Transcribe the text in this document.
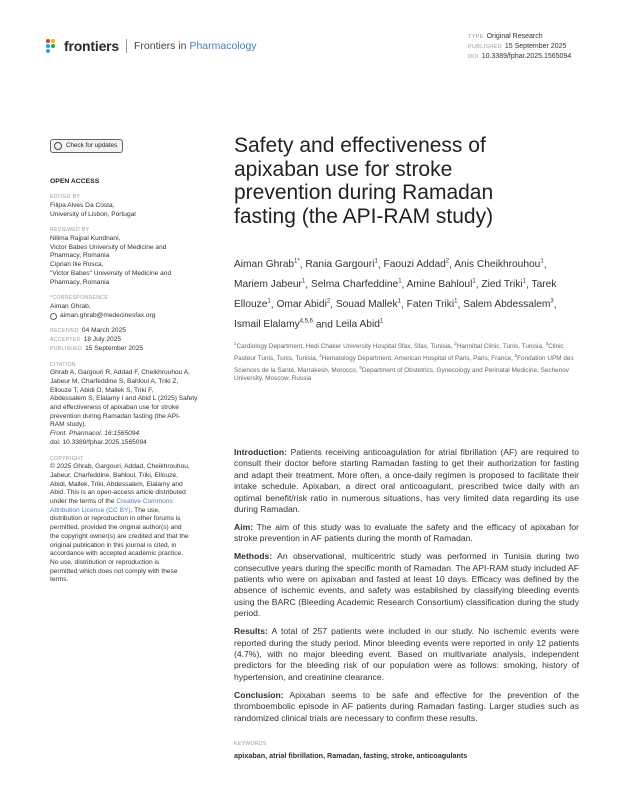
frontiers Frontiers in Pharmacology
TYPE Original Research
PUBLISHED 15 September 2025
DOI 10.3389/fphar.2025.1565094
Check for updates
OPEN ACCESS
EDITED BY
Filipa Alves Da Costa,
University of Lisbon, Portugal
REVIEWED BY
Nilima Rajpal Kundnani,
Victor Babes University of Medicine and
Pharmacy, Romania
Ciprian Ilie Rosca,
"Victor Babes" University of Medicine and
Pharmacy, Romania
*CORRESPONDENCE
Aiman Ghrab,
aiman.ghrab@medecinesfax.org
RECEIVED 04 March 2025
ACCEPTED 18 July 2025
PUBLISHED 15 September 2025
CITATION
Ghrab A, Gargouri R, Addad F, Cheikhrouhou A,
Jabeur M, Charfeddine S, Bahloul A, Triki Z,
Ellouze T, Abidi O, Mallek S, Triki F,
Abdessalem S, Elalamy I and Abid L (2025) Safety
and effectiveness of apixaban use for stroke
prevention during Ramadan fasting (the API-
RAM study).
Front. Pharmacol. 16:1565094.
doi: 10.3389/fphar.2025.1565094
COPYRIGHT
© 2025 Ghrab, Gargouri, Addad, Cheikhrouhou,
Jabeur, Charfeddine, Bahloul, Triki, Ellouze,
Abidi, Mallek, Triki, Abdessalem, Elalamy and
Abid. This is an open-access article distributed
under the terms of the Creative Commons
Attribution License (CC BY). The use,
distribution or reproduction in other forums is
permitted, provided the original author(s) and
the copyright owner(s) are credited and that the
original publication in this journal is cited, in
accordance with accepted academic practice.
No use, distribution or reproduction is
permitted which does not comply with these
terms.
Safety and effectiveness of
apixaban use for stroke
prevention during Ramadan
fasting (the API-RAM study)
Aiman Ghrab$^{1*}$, Rania Gargouri$^1$, Faouzi Addad$^2$, Anis Cheikhrouhou$^1$, Mariem Jabeur$^1$, Selma Charfeddine$^1$, Amine Bahloul$^1$, Zied Triki$^1$, Tarek Ellouze$^1$, Omar Abidi$^2$, Souad Mallek$^1$, Faten Triki$^1$, Salem Abdessalem$^3$, Ismail Elalamy$^{4,5,6}$ and Leila Abid$^1$
$^1$Cardiology Department, Hedi Chaker University Hospital Sfax, Sfax, Tunisia, $^2$Hannibal Clinic, Tunis, Tunisia, $^3$Clinic Pasteur Tunis, Tunis, Tunisia, $^4$Hematology Department, American Hospital of Paris, Paris, France, $^5$Fondation UPM des Sciences de la Santé, Marrakesh, Morocco, $^6$Department of Obstetrics, Gynecology and Perinatal Medicine, Sechenov University, Moscow, Russia

Introduction: Patients receiving anticoagulation for atrial fibrillation (AF) are required to consult their doctor before starting Ramadan fasting to get their authorization for fasting and adapt their treatment. More often, a once-daily regimen is proposed to facilitate their intake schedule. Apixaban, a direct oral anticoagulant, prescribed twice daily with an optimal benefit/risk ratio in numerous situations, has very limited data regarding its use during Ramadan.

Aim: The aim of this study was to evaluate the safety and the efficacy of apixaban for stroke prevention in AF patients during the month of Ramadan.

Methods: An observational, multicentric study was performed in Tunisia during two consecutive years during the specific month of Ramadan. The API-RAM study included AF patients who were on apixaban and fasted at least 10 days. Efficacy was defined by the absence of ischemic events, and safety was established by classifying bleeding events using the BARC (Bleeding Academic Research Consortium) classification during the study period.

Results: A total of 257 patients were included in our study. No ischemic events were reported during the study period. Minor bleeding events were reported in only 12 patients (4.7%), with no major bleeding event. Based on multivariate analysis, independent predictors for the bleeding risk of our population were as follows: smoking, history of hypertension, and creatinine clearance.

Conclusion: Apixaban seems to be safe and effective for the prevention of the thromboembolic episode in AF patients during Ramadan fasting. Larger studies such as randomized clinical trials are necessary to confirm these results.

KEYWORDS
apixaban, atrial fibrillation, Ramadan, fasting, stroke, anticoagulants
